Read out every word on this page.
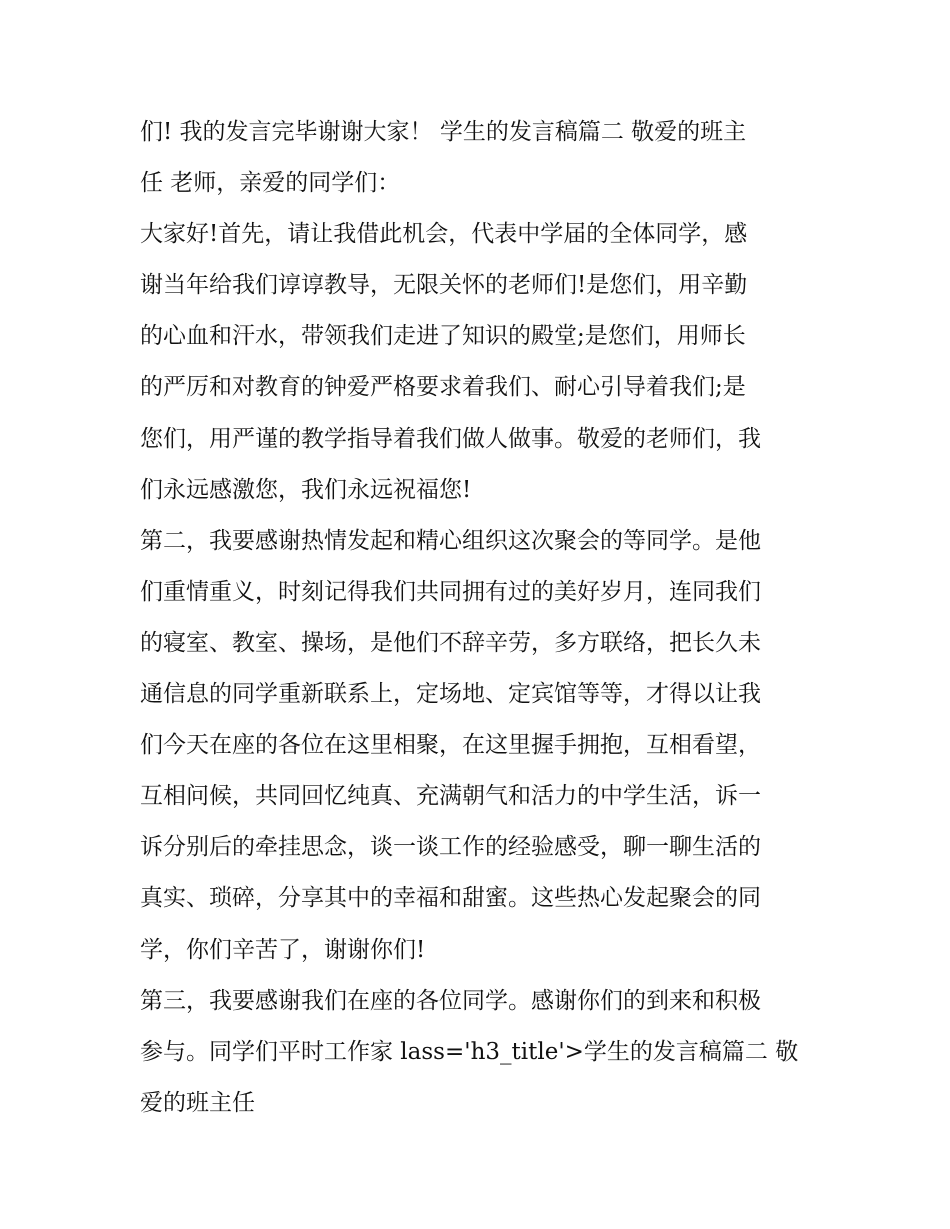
们! 我的发言完毕谢谢大家！ 学生的发言稿篇二 敬爱的班主
任 老师，亲爱的同学们：
大家好!首先，请让我借此机会，代表中学届的全体同学，感
谢当年给我们谆谆教导，无限关怀的老师们!是您们，用辛勤
的心血和汗水，带领我们走进了知识的殿堂;是您们，用师长
的严厉和对教育的钟爱严格要求着我们、耐心引导着我们;是
您们，用严谨的教学指导着我们做人做事。敬爱的老师们，我
们永远感激您，我们永远祝福您!
第二，我要感谢热情发起和精心组织这次聚会的等同学。是他
们重情重义，时刻记得我们共同拥有过的美好岁月，连同我们
的寝室、教室、操场，是他们不辞辛劳，多方联络，把长久未
通信息的同学重新联系上，定场地、定宾馆等等，才得以让我
们今天在座的各位在这里相聚，在这里握手拥抱，互相看望，
互相问候，共同回忆纯真、充满朝气和活力的中学生活，诉一
诉分别后的牵挂思念，谈一谈工作的经验感受，聊一聊生活的
真实、琐碎，分享其中的幸福和甜蜜。这些热心发起聚会的同
学，你们辛苦了，谢谢你们!
第三，我要感谢我们在座的各位同学。感谢你们的到来和积极
参与。同学们平时工作家 lass='h3_title'>学生的发言稿篇二 敬
爱的班主任
